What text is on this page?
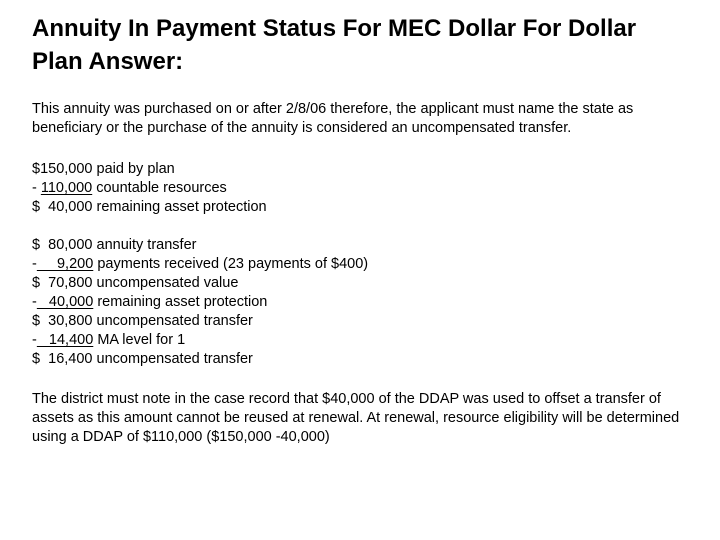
Annuity In Payment Status For MEC Dollar For Dollar Plan Answer:

This annuity was purchased on or after 2/8/06 therefore, the applicant must name the state as beneficiary or the purchase of the annuity is considered an uncompensated transfer.

$ 150,000
paid by plan
- 110,000
countable resources
$ 40,000
remaining asset protection
$ 80,000
annuity transfer
- 9,200
payments received (23 payments of $400)
$ 70,800
uncompensated value
- 40,000
remaining asset protection
$ 30,800
uncompensated transfer
- 14,400
MA level for 1
$ 16,400
uncompensated transfer

The district must note in the case record that $40,000 of the DDAP was used to offset a transfer of assets as this amount cannot be reused at renewal. At renewal, resource eligibility will be determined using a DDAP of $110,000 ($150,000 -40,000)
